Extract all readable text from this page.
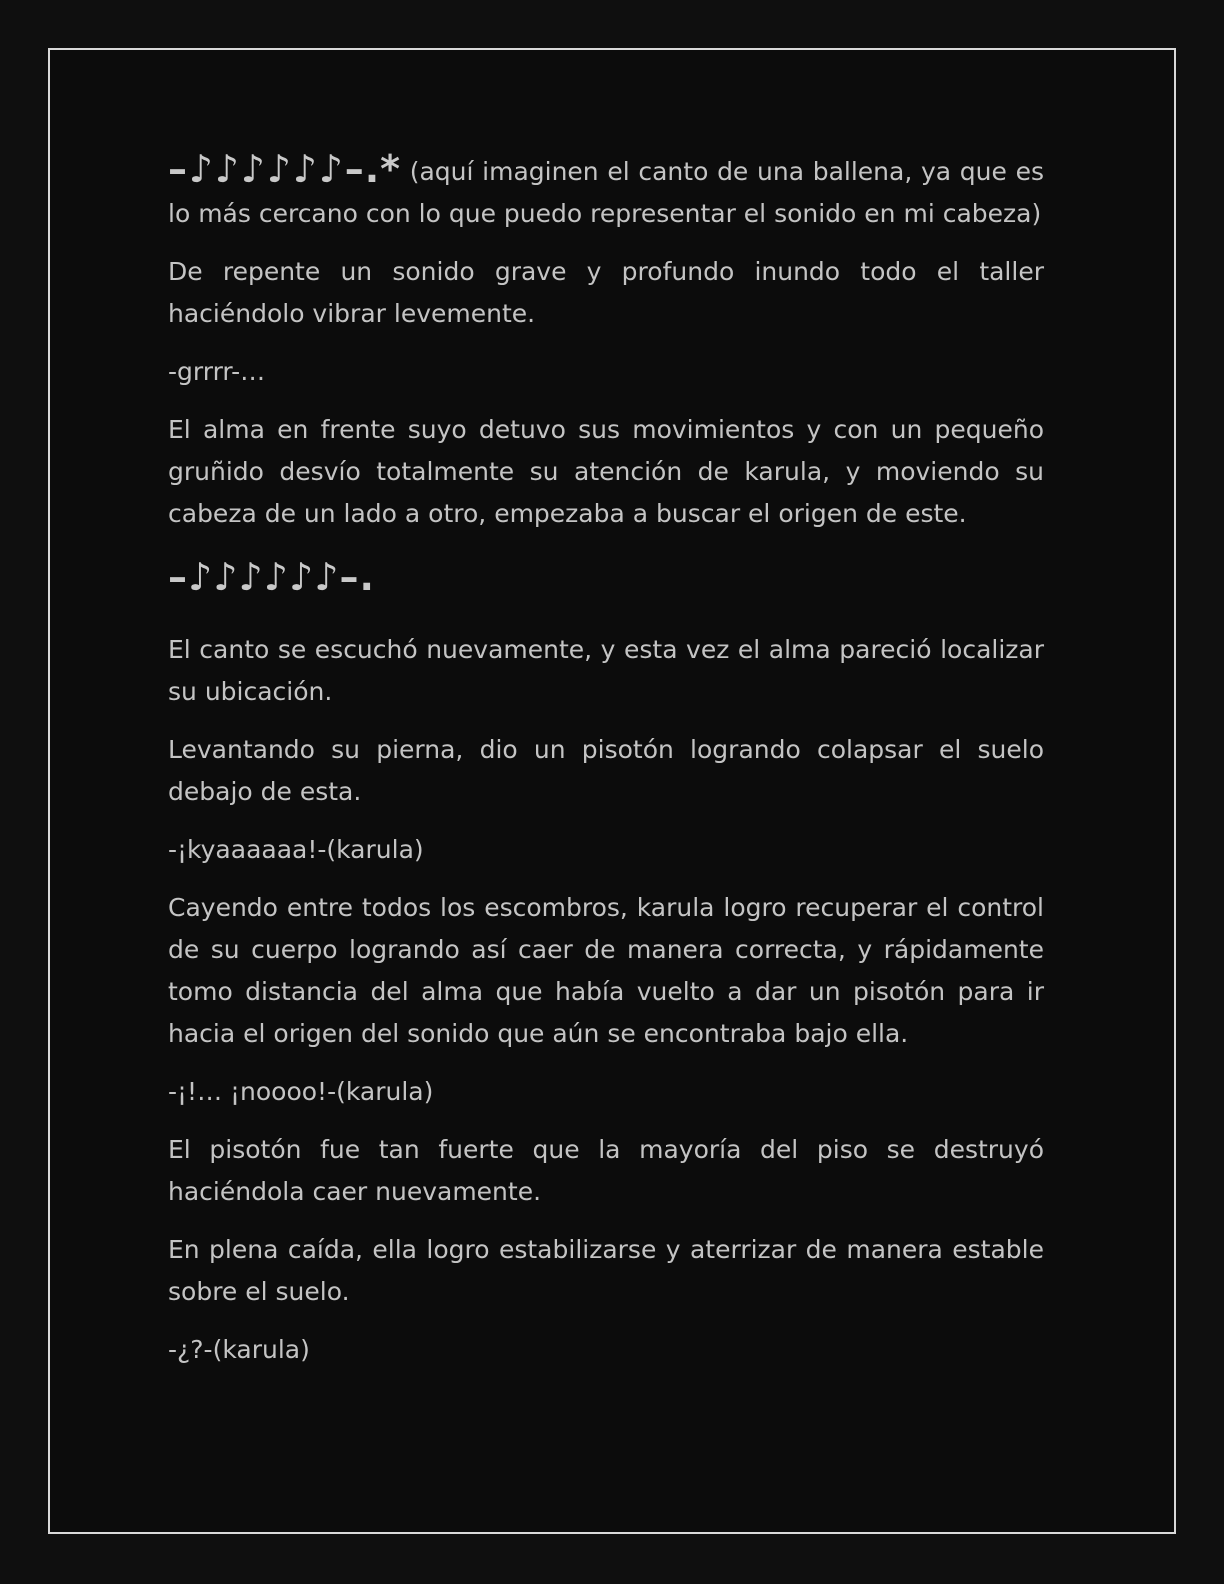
–♪♪♪♪♪♪–.* (aquí imaginen el canto de una ballena, ya que es lo más cercano con lo que puedo representar el sonido en mi cabeza)

De repente un sonido grave y profundo inundo todo el taller haciéndolo vibrar levemente.

-grrrr-…

El alma en frente suyo detuvo sus movimientos y con un pequeño gruñido desvío totalmente su atención de karula, y moviendo su cabeza de un lado a otro, empezaba a buscar el origen de este.

–♪♪♪♪♪♪–.

El canto se escuchó nuevamente, y esta vez el alma pareció localizar su ubicación.

Levantando su pierna, dio un pisotón logrando colapsar el suelo debajo de esta.

-¡kyaaaaaa!-(karula)

Cayendo entre todos los escombros, karula logro recuperar el control de su cuerpo logrando así caer de manera correcta, y rápidamente tomo distancia del alma que había vuelto a dar un pisotón para ir hacia el origen del sonido que aún se encontraba bajo ella.

-¡!… ¡noooo!-(karula)

El pisotón fue tan fuerte que la mayoría del piso se destruyó haciéndola caer nuevamente.

En plena caída, ella logro estabilizarse y aterrizar de manera estable sobre el suelo.

-¿?-(karula)
